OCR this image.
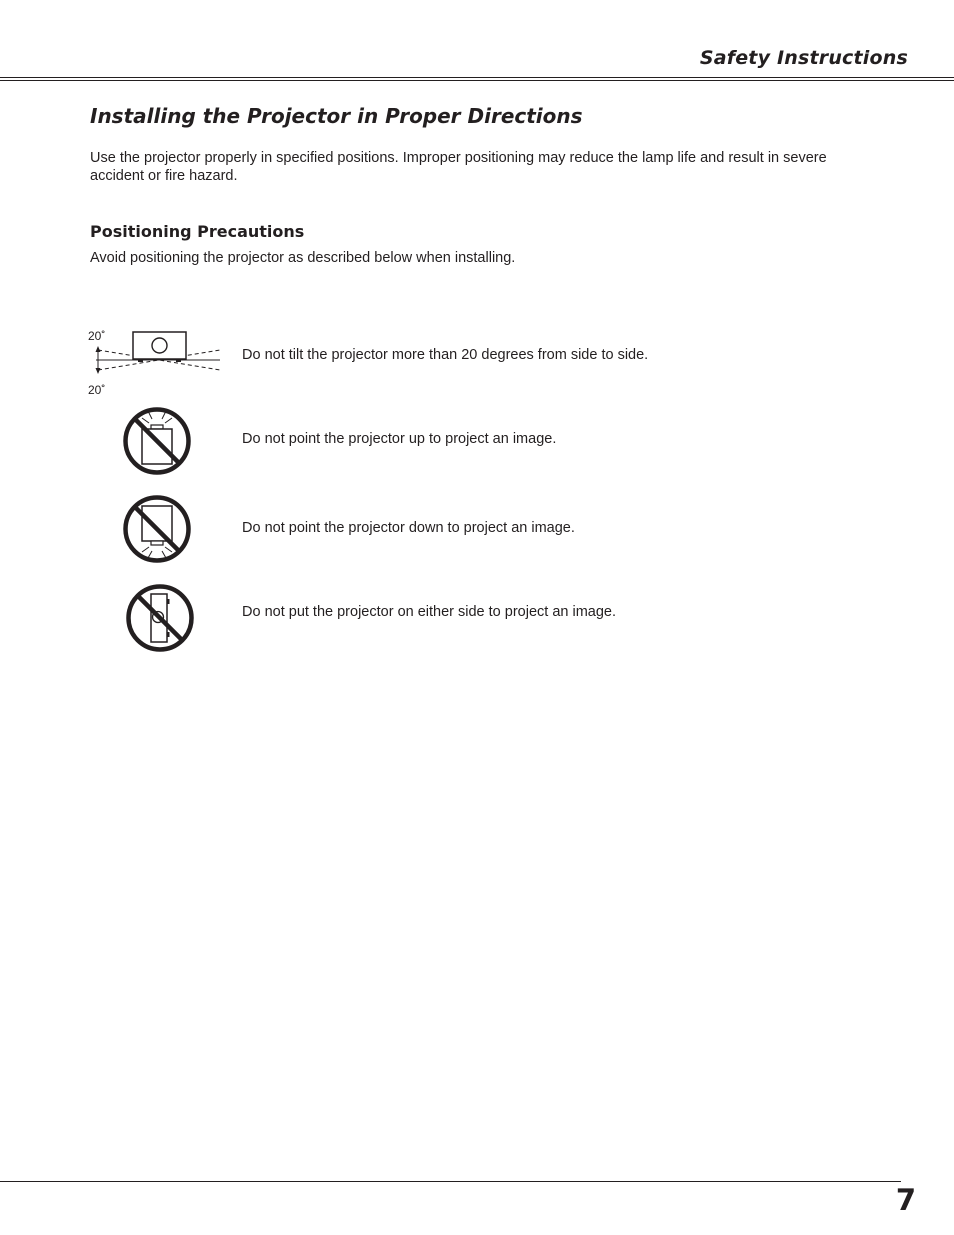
Safety Instructions
Installing the Projector in Proper Directions
Use the projector properly in specified positions. Improper positioning may reduce the lamp life and result in severe accident or fire hazard.
Positioning Precautions
Avoid positioning the projector as described below when installing.
20˚
20˚
Do not tilt the projector more than 20 degrees from side to side.
Do not point the projector up to project an image.
Do not point the projector down to project an image.
Do not put the projector on either side to project an image.
7
